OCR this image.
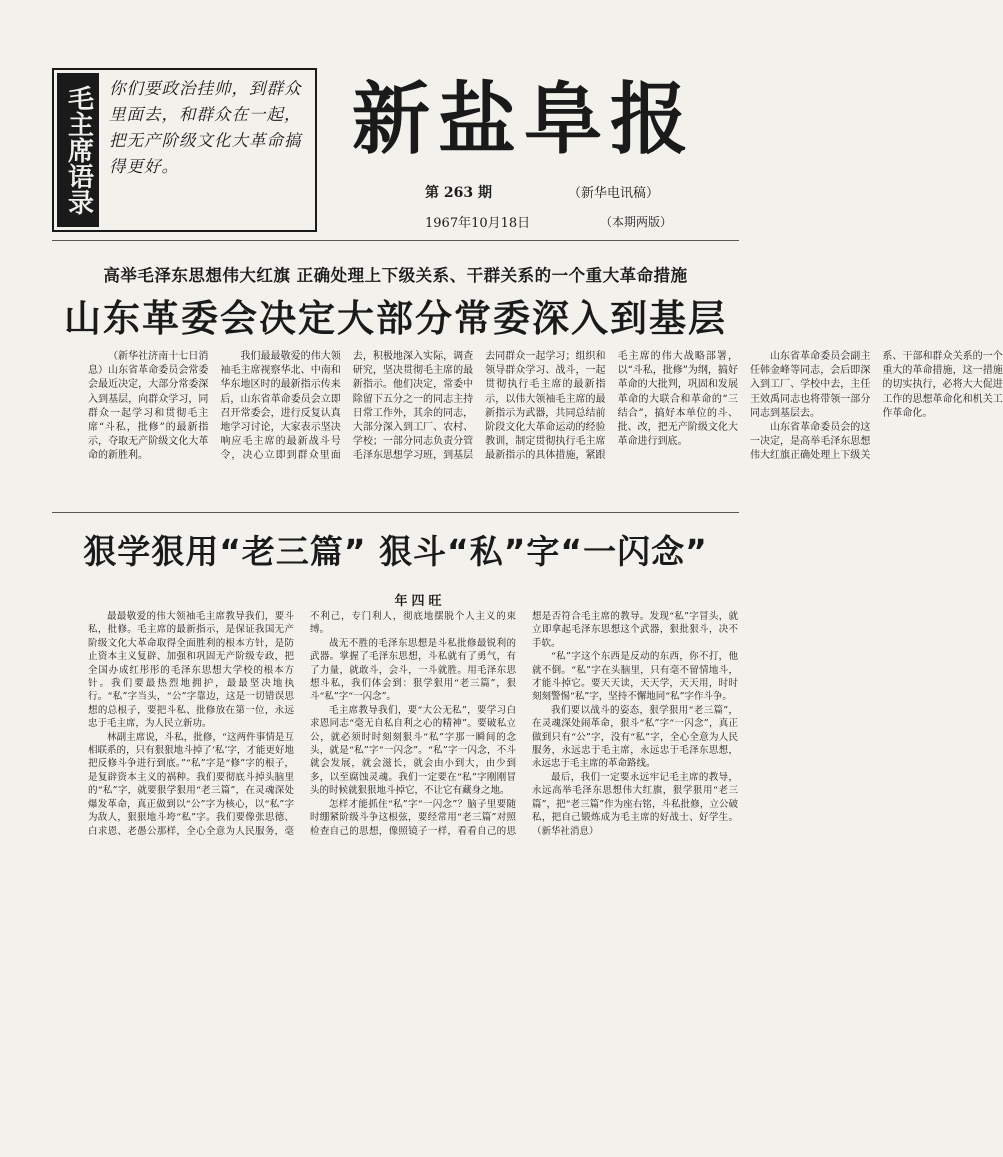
毛主席语录 你们要政治挂帅，到群众里面去，和群众在一起，把无产阶级文化大革命搞得更好。
新盐阜报
第 263 期	（新华电讯稿）
1967年10月18日	（本期两版）
高举毛泽东思想伟大红旗 正确处理上下级关系、干群关系的一个重大革命措施
山东革委会决定大部分常委深入到基层

（新华社济南十七日消息）山东省革命委员会常委会最近决定，大部分常委深入到基层，向群众学习，同群众一起学习和贯彻毛主席“斗私，批修”的最新指示，夺取无产阶级文化大革命的新胜利。

我们最最敬爱的伟大领袖毛主席视察华北、中南和华东地区时的最新指示传来后，山东省革命委员会立即召开常委会，进行反复认真地学习讨论，大家表示坚决响应毛主席的最新战斗号令，决心立即到群众里面去，积极地深入实际，调查研究，坚决贯彻毛主席的最新指示。他们决定，常委中除留下五分之一的同志主持日常工作外，其余的同志，大部分深入到工厂、农村、学校；一部分同志负责分管毛泽东思想学习班，到基层去同群众一起学习；组织和领导群众学习、战斗，一起贯彻执行毛主席的最新指示，以伟大领袖毛主席的最新指示为武器，共同总结前阶段文化大革命运动的经验教训，制定贯彻执行毛主席最新指示的具体措施，紧跟毛主席的伟大战略部署，以“斗私，批修”为纲，搞好革命的大批判，巩固和发展革命的大联合和革命的“三结合”，搞好本单位的斗、批、改，把无产阶级文化大革命进行到底。

山东省革命委员会副主任韩金峰等同志，会后即深入到工厂、学校中去，主任王效禹同志也将带领一部分同志到基层去。

山东省革命委员会的这一决定，是高举毛泽东思想伟大红旗正确处理上下级关系、干部和群众关系的一个重大的革命措施，这一措施的切实执行，必将大大促进工作的思想革命化和机关工作革命化。

狠学狠用“老三篇” 狠斗“私”字“一闪念”
年四旺

最最敬爱的伟大领袖毛主席教导我们，要斗私，批修。毛主席的最新指示，是保证我国无产阶级文化大革命取得全面胜利的根本方针，是防止资本主义复辟、加强和巩固无产阶级专政，把全国办成红彤彤的毛泽东思想大学校的根本方针。我们要最热烈地拥护，最最坚决地执行。“私”字当头，“公”字靠边，这是一切错误思想的总根子，要把斗私、批修放在第一位，永远忠于毛主席，为人民立新功。

林副主席说，斗私，批修，“这两件事情是互相联系的，只有狠狠地斗掉了‘私’字，才能更好地把反修斗争进行到底。”“私”字是“修”字的根子，是复辟资本主义的祸种。我们要彻底斗掉头脑里的“私”字，就要狠学狠用“老三篇”，在灵魂深处爆发革命，真正做到以“公”字为核心，以“私”字为敌人，狠狠地斗垮“私”字。我们要像张思德、白求恩、老愚公那样，全心全意为人民服务，毫不利己，专门利人，彻底地摆脱个人主义的束缚。

战无不胜的毛泽东思想是斗私批修最锐利的武器。掌握了毛泽东思想，斗私就有了勇气，有了力量，就敢斗，会斗，一斗就胜。用毛泽东思想斗私，我们体会到：狠学狠用“老三篇”，狠斗“私”字“一闪念”。

毛主席教导我们，要“大公无私”，要学习白求恩同志“毫无自私自利之心的精神”。要破私立公，就必须时时刻刻狠斗“私”字那一瞬间的念头，就是“私”字“一闪念”。“私”字一闪念，不斗就会发展，就会滋长，就会由小到大，由少到多，以至腐蚀灵魂。我们一定要在“私”字刚刚冒头的时候就狠狠地斗掉它，不让它有藏身之地。

怎样才能抓住“私”字“一闪念”？脑子里要随时绷紧阶级斗争这根弦，要经常用“老三篇”对照检查自己的思想，像照镜子一样，看看自己的思想是否符合毛主席的教导。发现“私”字冒头，就立即拿起毛泽东思想这个武器，狠批狠斗，决不手软。

“私”字这个东西是反动的东西，你不打，他就不倒。“私”字在头脑里，只有毫不留情地斗，才能斗掉它。要天天读，天天学，天天用，时时刻刻警惕“私”字，坚持不懈地同“私”字作斗争。

我们要以战斗的姿态，狠学狠用“老三篇”，在灵魂深处闹革命，狠斗“私”字“一闪念”，真正做到只有“公”字，没有“私”字，全心全意为人民服务，永远忠于毛主席，永远忠于毛泽东思想，永远忠于毛主席的革命路线。

最后，我们一定要永远牢记毛主席的教导，永远高举毛泽东思想伟大红旗，狠学狠用“老三篇”，把“老三篇”作为座右铭，斗私批修，立公破私，把自己锻炼成为毛主席的好战士、好学生。（新华社消息）
